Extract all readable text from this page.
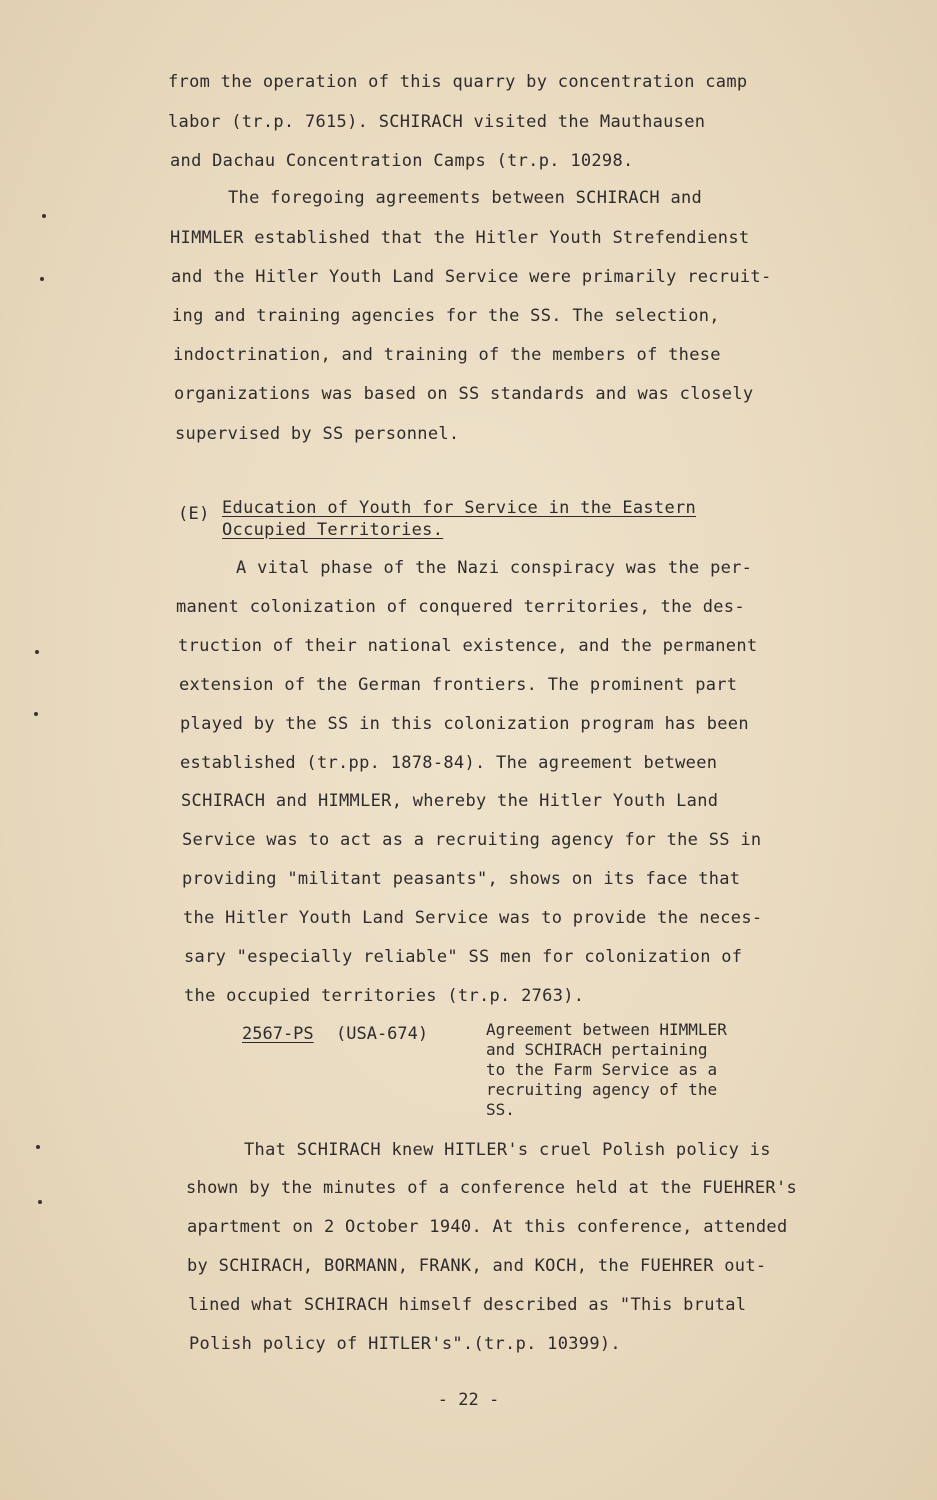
from the operation of this quarry by concentration camp
labor (tr.p. 7615). SCHIRACH visited the Mauthausen
and Dachau Concentration Camps (tr.p. 10298.
The foregoing agreements between SCHIRACH and
HIMMLER established that the Hitler Youth Strefendienst
and the Hitler Youth Land Service were primarily recruit-
ing and training agencies for the SS. The selection,
indoctrination, and training of the members of these
organizations was based on SS standards and was closely
supervised by SS personnel.
(E) Education of Youth for Service in the Eastern
Occupied Territories.
A vital phase of the Nazi conspiracy was the per-
manent colonization of conquered territories, the des-
truction of their national existence, and the permanent
extension of the German frontiers. The prominent part
played by the SS in this colonization program has been
established (tr.pp. 1878-84). The agreement between
SCHIRACH and HIMMLER, whereby the Hitler Youth Land
Service was to act as a recruiting agency for the SS in
providing "militant peasants", shows on its face that
the Hitler Youth Land Service was to provide the neces-
sary "especially reliable" SS men for colonization of
the occupied territories (tr.p. 2763).
2567-PS (USA-674)	Agreement between HIMMLER
and SCHIRACH pertaining
to the Farm Service as a
recruiting agency of the
SS.
That SCHIRACH knew HITLER's cruel Polish policy is
shown by the minutes of a conference held at the FUEHRER's
apartment on 2 October 1940. At this conference, attended
by SCHIRACH, BORMANN, FRANK, and KOCH, the FUEHRER out-
lined what SCHIRACH himself described as "This brutal
Polish policy of HITLER's".(tr.p. 10399).
- 22 -
